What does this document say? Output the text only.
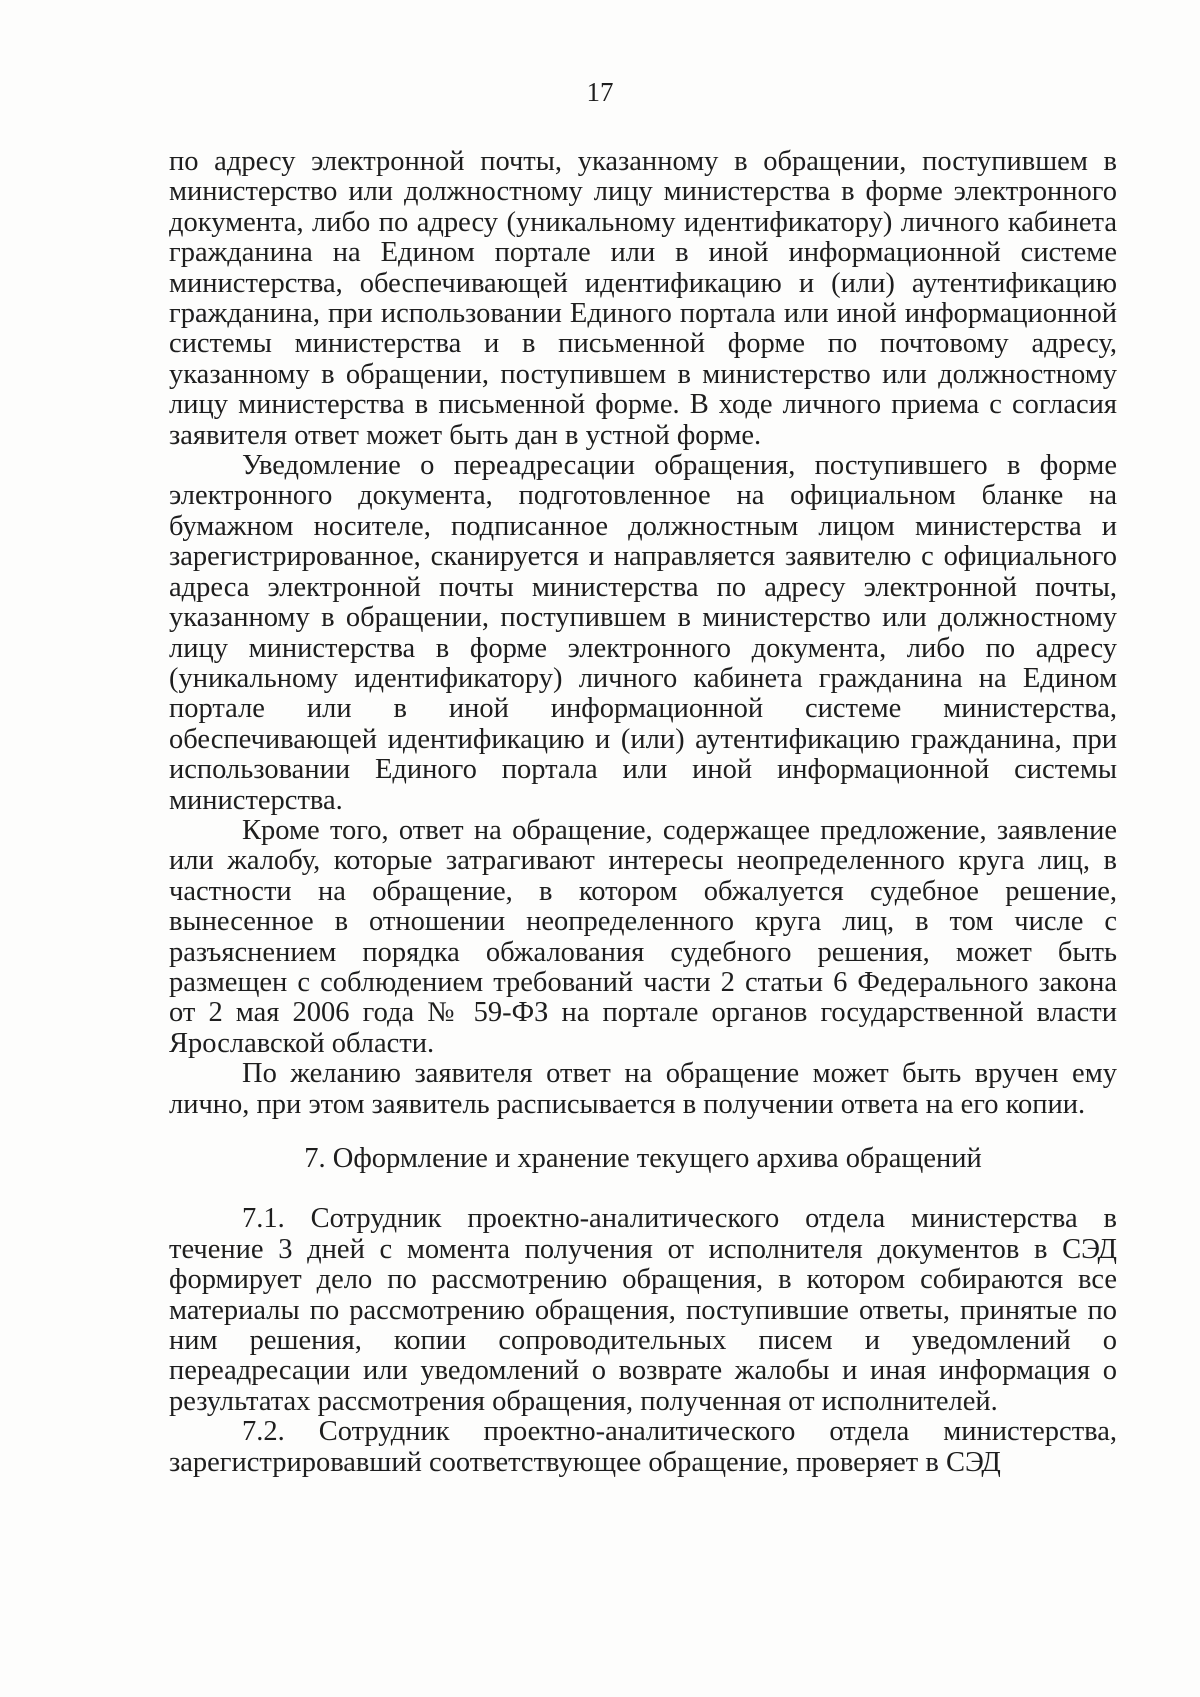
17

по адресу электронной почты, указанному в обращении, поступившем в министерство или должностному лицу министерства в форме электронного документа, либо по адресу (уникальному идентификатору) личного кабинета гражданина на Едином портале или в иной информационной системе министерства, обеспечивающей идентификацию и (или) аутентификацию гражданина, при использовании Единого портала или иной информационной системы министерства и в письменной форме по почтовому адресу, указанному в обращении, поступившем в министерство или должностному лицу министерства в письменной форме. В ходе личного приема с согласия заявителя ответ может быть дан в устной форме.

Уведомление о переадресации обращения, поступившего в форме электронного документа, подготовленное на официальном бланке на бумажном носителе, подписанное должностным лицом министерства и зарегистрированное, сканируется и направляется заявителю с официального адреса электронной почты министерства по адресу электронной почты, указанному в обращении, поступившем в министерство или должностному лицу министерства в форме электронного документа, либо по адресу (уникальному идентификатору) личного кабинета гражданина на Едином портале или в иной информационной системе министерства, обеспечивающей идентификацию и (или) аутентификацию гражданина, при использовании Единого портала или иной информационной системы министерства.

Кроме того, ответ на обращение, содержащее предложение, заявление или жалобу, которые затрагивают интересы неопределенного круга лиц, в частности на обращение, в котором обжалуется судебное решение, вынесенное в отношении неопределенного круга лиц, в том числе с разъяснением порядка обжалования судебного решения, может быть размещен с соблюдением требований части 2 статьи 6 Федерального закона от 2 мая 2006 года № 59-ФЗ на портале органов государственной власти Ярославской области.

По желанию заявителя ответ на обращение может быть вручен ему лично, при этом заявитель расписывается в получении ответа на его копии.

7. Оформление и хранение текущего архива обращений

7.1. Сотрудник проектно-аналитического отдела министерства в течение 3 дней с момента получения от исполнителя документов в СЭД формирует дело по рассмотрению обращения, в котором собираются все материалы по рассмотрению обращения, поступившие ответы, принятые по ним решения, копии сопроводительных писем и уведомлений о переадресации или уведомлений о возврате жалобы и иная информация о результатах рассмотрения обращения, полученная от исполнителей.

7.2. Сотрудник проектно-аналитического отдела министерства, зарегистрировавший соответствующее обращение, проверяет в СЭД
